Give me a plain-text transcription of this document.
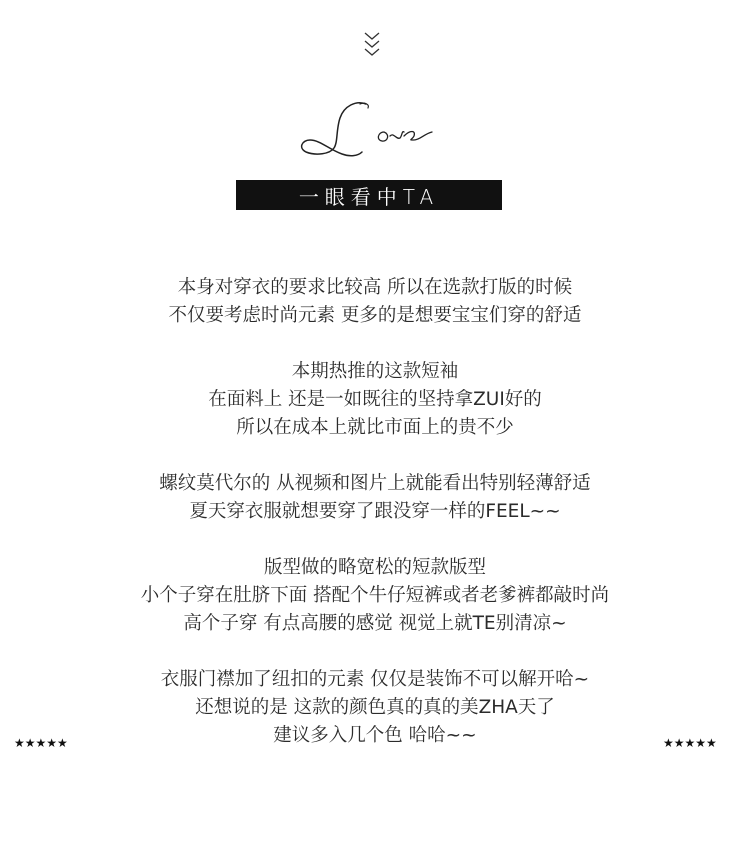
一眼看中TA
本身对穿衣的要求比较高 所以在选款打版的时候
不仅要考虑时尚元素 更多的是想要宝宝们穿的舒适
本期热推的这款短袖
在面料上 还是一如既往的坚持拿ZUI好的
所以在成本上就比市面上的贵不少
螺纹莫代尔的 从视频和图片上就能看出特别轻薄舒适
夏天穿衣服就想要穿了跟没穿一样的FEEL~~
版型做的略宽松的短款版型
小个子穿在肚脐下面 搭配个牛仔短裤或者老爹裤都敲时尚
高个子穿 有点高腰的感觉 视觉上就TE别清凉~
衣服门襟加了纽扣的元素 仅仅是装饰不可以解开哈~
还想说的是 这款的颜色真的真的美ZHA天了
建议多入几个色 哈哈~~
★★★★★	★★★★★
